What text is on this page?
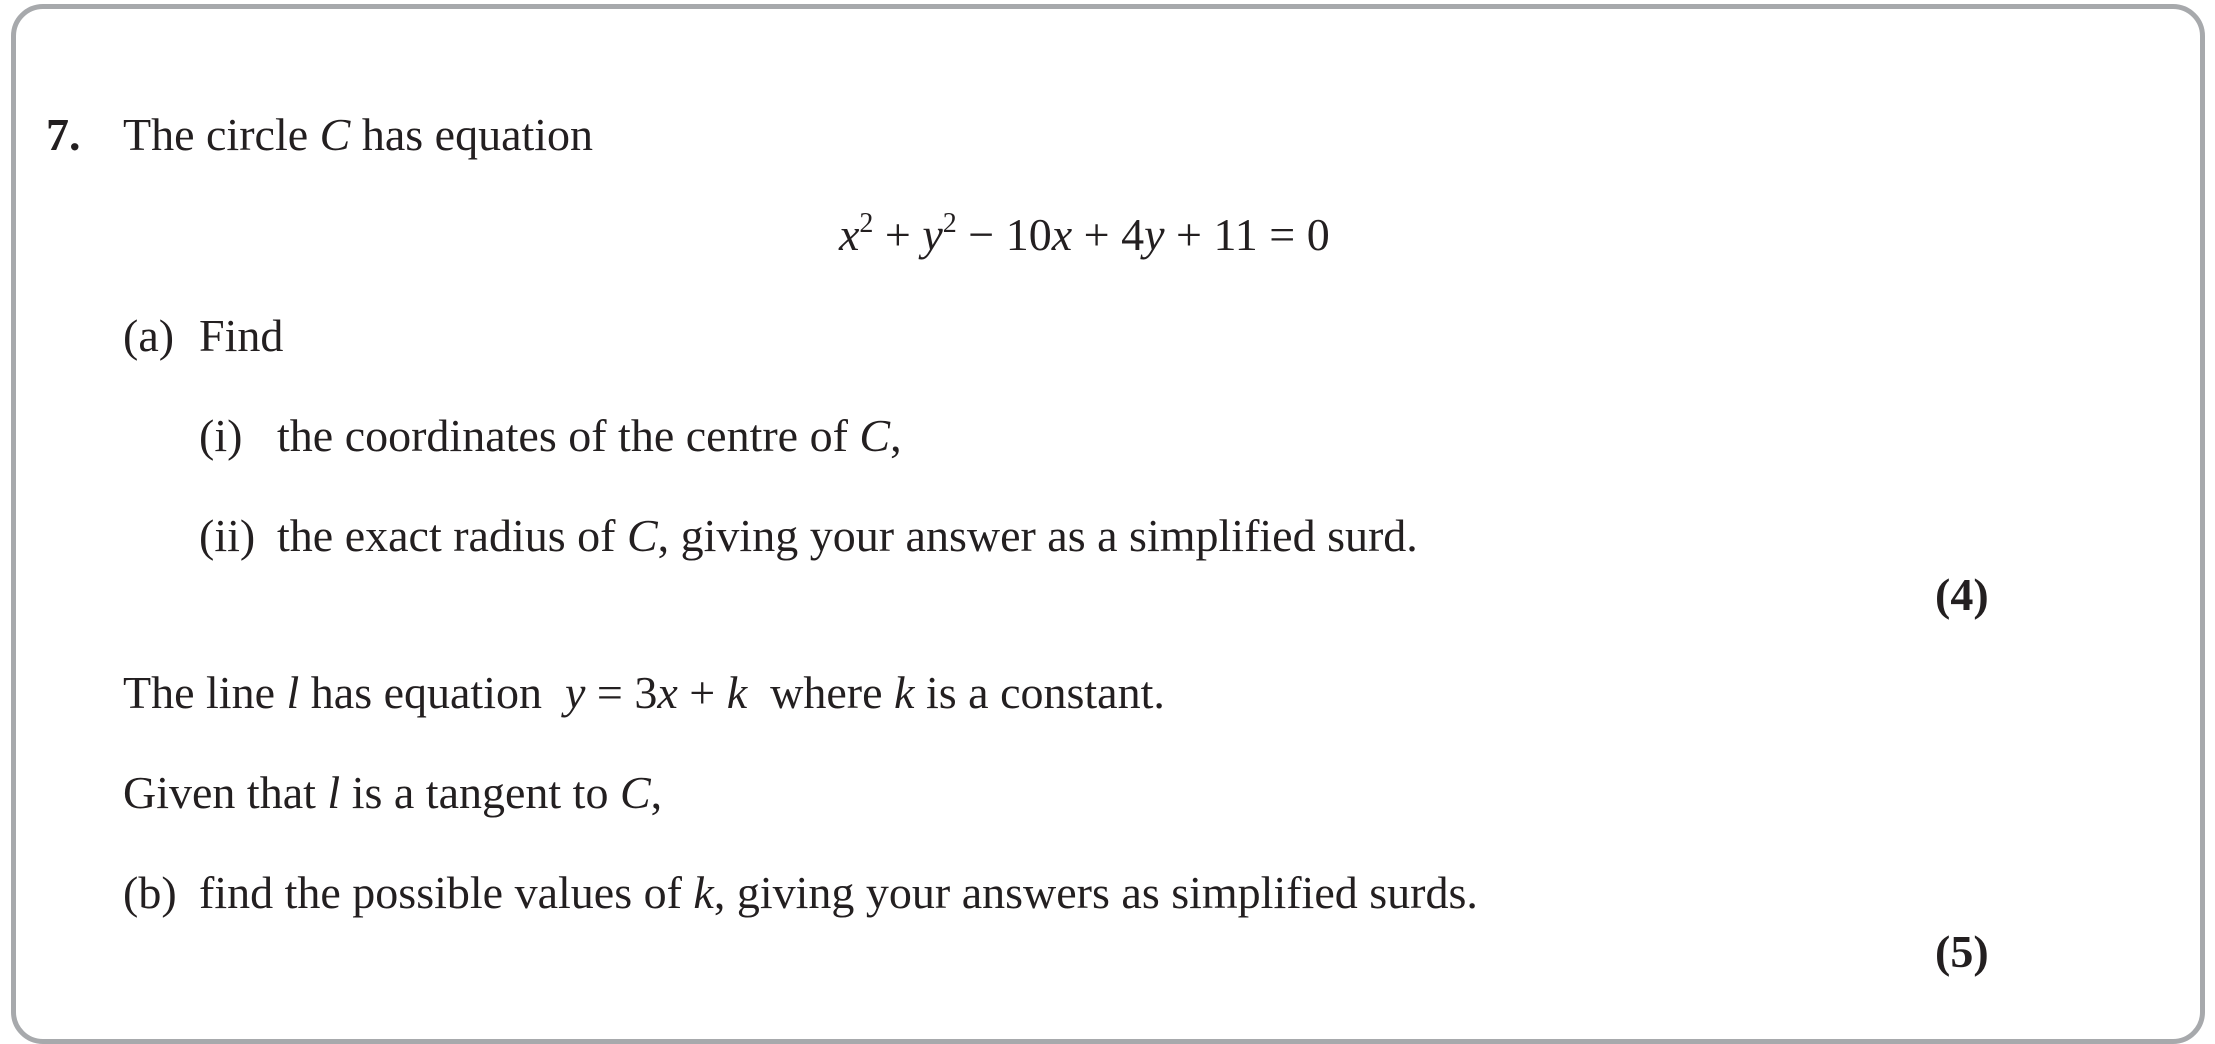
7. The circle C has equation
$x^2 + y^2 - 10x + 4y + 11 = 0$
(a) Find
(i) the coordinates of the centre of C,
(ii) the exact radius of C, giving your answer as a simplified surd.
(4)
The line l has equation  y = 3x + k  where k is a constant.
Given that l is a tangent to C,
(b) find the possible values of k, giving your answers as simplified surds.
(5)
